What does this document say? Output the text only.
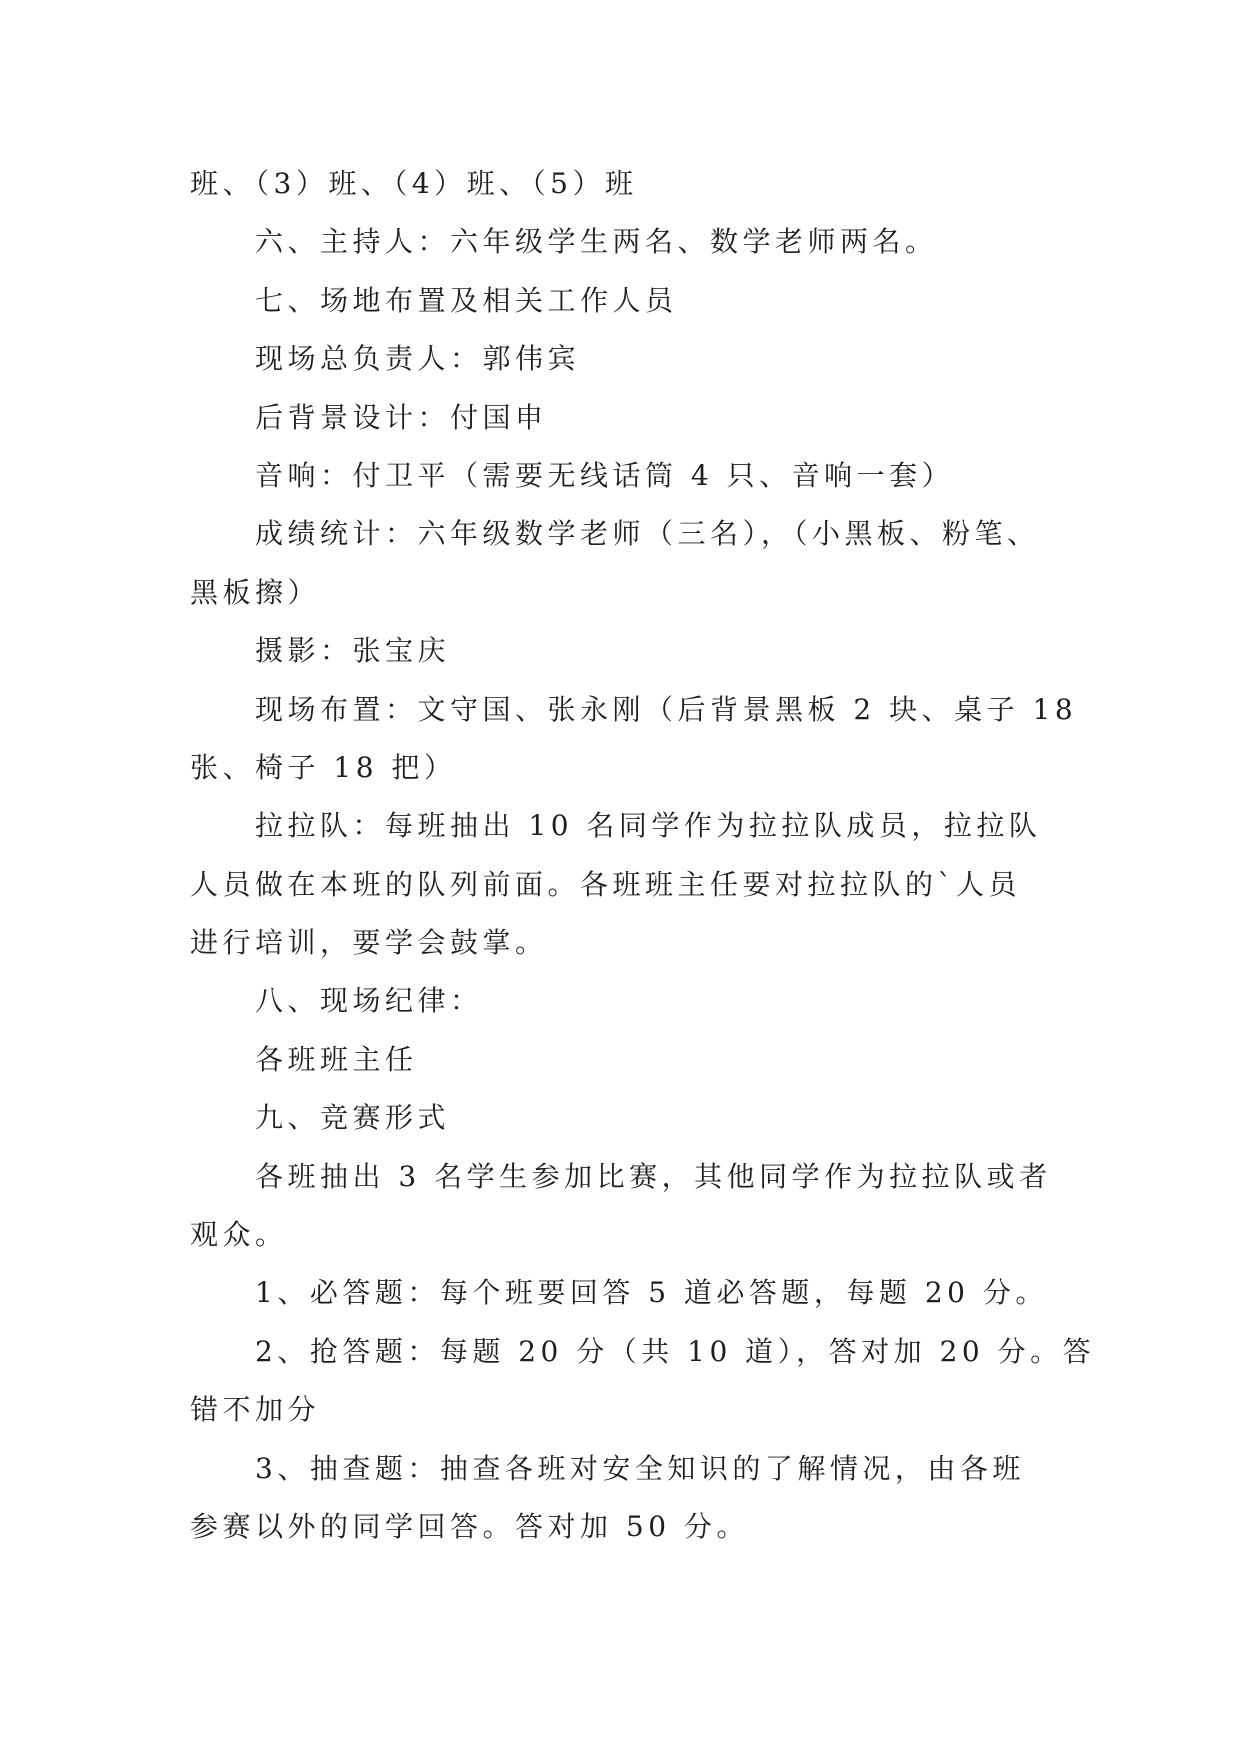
班、（3）班、（4）班、（5）班
六、主持人：六年级学生两名、数学老师两名。
七、场地布置及相关工作人员
现场总负责人：郭伟宾
后背景设计：付国申
音响：付卫平（需要无线话筒 4 只、音响一套）
成绩统计：六年级数学老师（三名），（小黑板、粉笔、
黑板擦）
摄影：张宝庆
现场布置：文守国、张永刚（后背景黑板 2 块、桌子 18
张、椅子 18 把）
拉拉队：每班抽出 10 名同学作为拉拉队成员，拉拉队
人员做在本班的队列前面。各班班主任要对拉拉队的`人员
进行培训，要学会鼓掌。
八、现场纪律：
各班班主任
九、竞赛形式
各班抽出 3 名学生参加比赛，其他同学作为拉拉队或者
观众。
1、必答题：每个班要回答 5 道必答题，每题 20 分。
2、抢答题：每题 20 分（共 10 道），答对加 20 分。答
错不加分
3、抽查题：抽查各班对安全知识的了解情况，由各班
参赛以外的同学回答。答对加 50 分。
